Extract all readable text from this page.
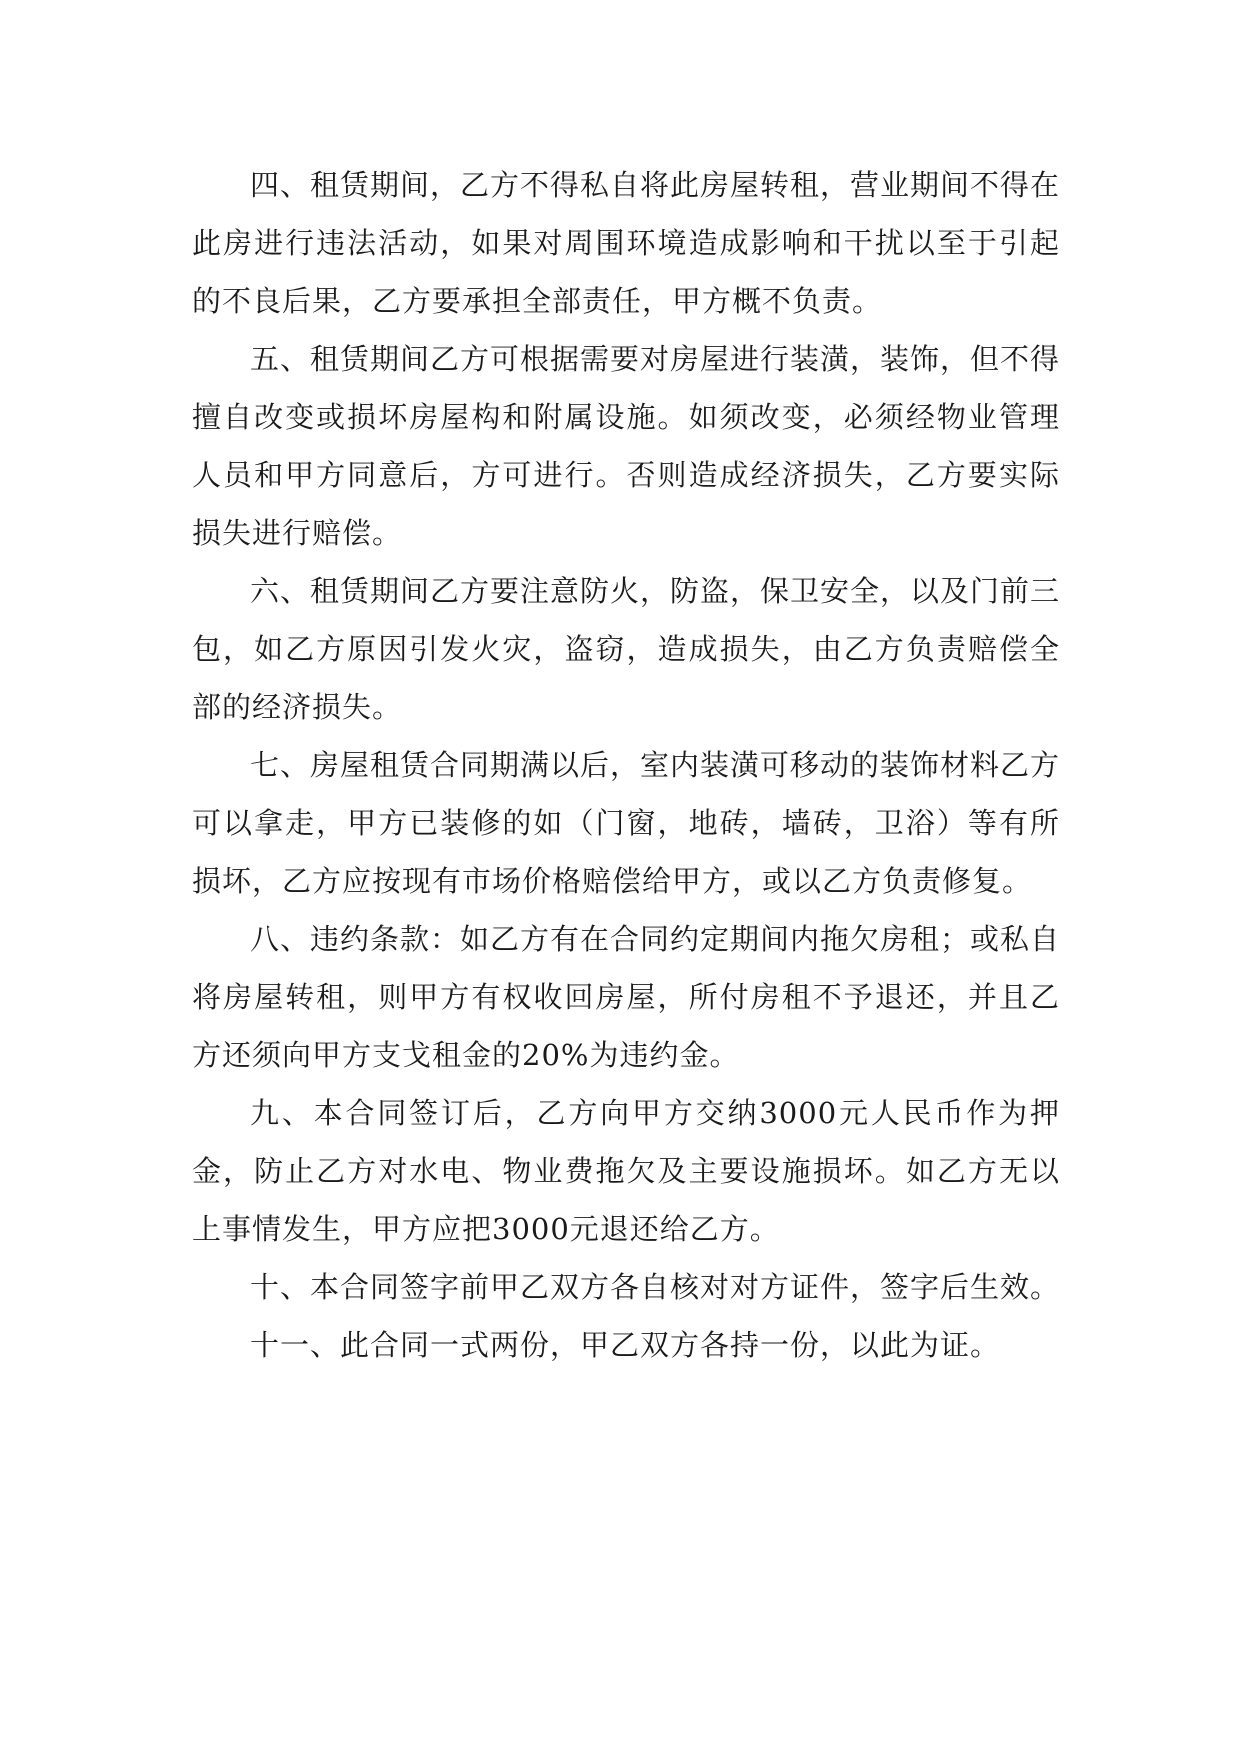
四、租赁期间，乙方不得私自将此房屋转租，营业期间不得在此房进行违法活动，如果对周围环境造成影响和干扰以至于引起的不良后果，乙方要承担全部责任，甲方概不负责。

五、租赁期间乙方可根据需要对房屋进行装潢，装饰，但不得擅自改变或损坏房屋构和附属设施。如须改变，必须经物业管理人员和甲方同意后，方可进行。否则造成经济损失，乙方要实际损失进行赔偿。

六、租赁期间乙方要注意防火，防盗，保卫安全，以及门前三包，如乙方原因引发火灾，盗窃，造成损失，由乙方负责赔偿全部的经济损失。

七、房屋租赁合同期满以后，室内装潢可移动的装饰材料乙方可以拿走，甲方已装修的如（门窗，地砖，墙砖，卫浴）等有所损坏，乙方应按现有市场价格赔偿给甲方，或以乙方负责修复。

八、违约条款：如乙方有在合同约定期间内拖欠房租；或私自将房屋转租，则甲方有权收回房屋，所付房租不予退还，并且乙方还须向甲方支戈租金的20%为违约金。

九、本合同签订后，乙方向甲方交纳3000元人民币作为押金，防止乙方对水电、物业费拖欠及主要设施损坏。如乙方无以上事情发生，甲方应把3000元退还给乙方。

十、本合同签字前甲乙双方各自核对对方证件，签字后生效。

十一、此合同一式两份，甲乙双方各持一份，以此为证。
